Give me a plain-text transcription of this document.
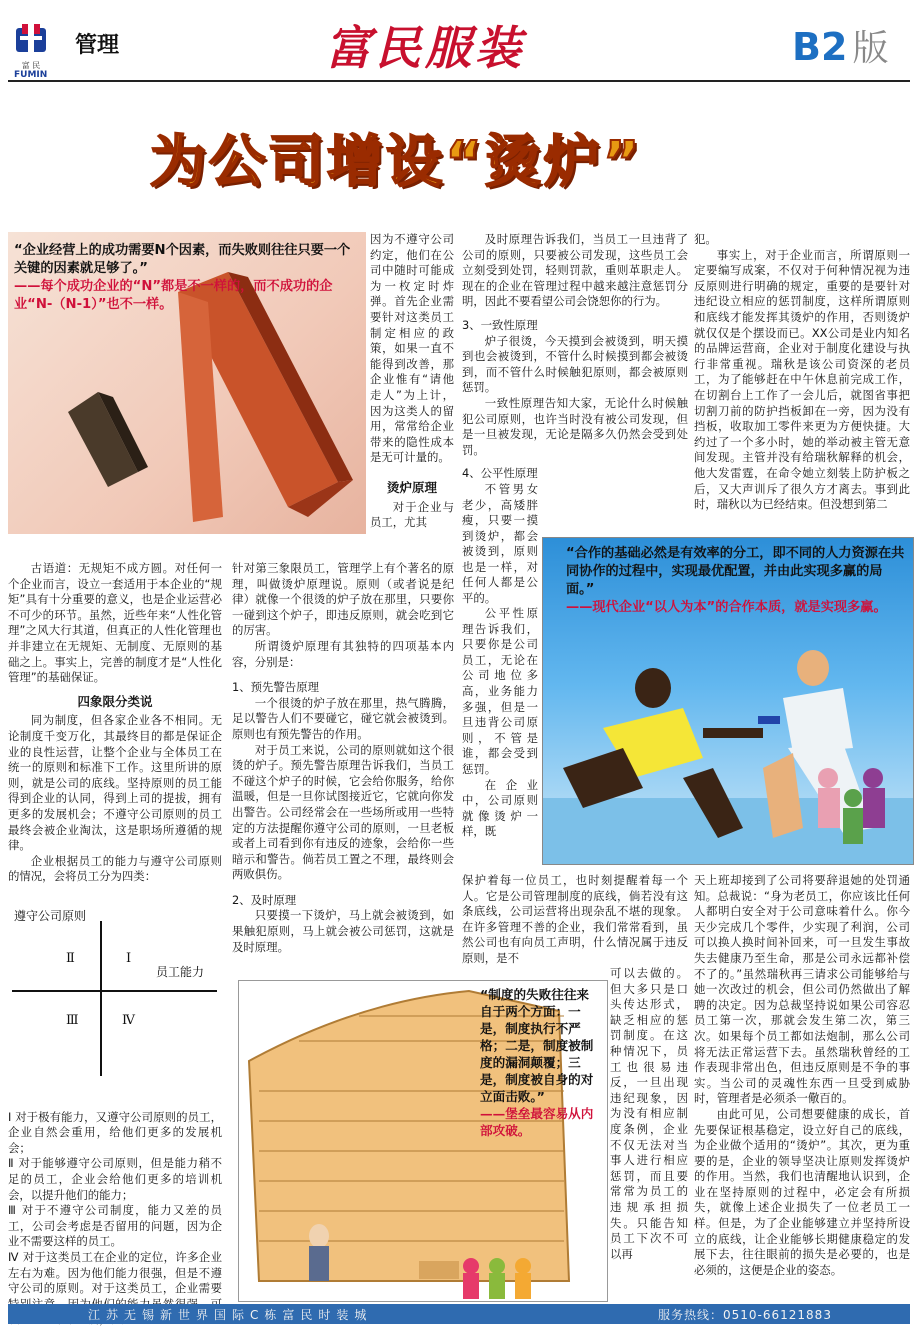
富 民
FUMIN
管理	富民服装	B2 版
为公司增设“烫炉”
“企业经营上的成功需要N个因素，而失败则往往只要一个关键的因素就足够了。”
——每个成功企业的“N”都是不一样的，而不成功的企业“N-（N-1）”也不一样。

因为不遵守公司约定，他们在公司中随时可能成为一枚定时炸弹。首先企业需要针对这类员工制定相应的政策，如果一直不能得到改善，那企业惟有“请他走人”为上计，因为这类人的留用，常常给企业带来的隐性成本是无可计量的。

烫炉原理

对于企业与员工，尤其

及时原理告诉我们，当员工一旦违背了公司的原则，只要被公司发现，这些员工会立刻受到处罚，轻则罚款，重则革职走人。现在的企业在管理过程中越来越注意惩罚分明，因此不要看望公司会饶恕你的行为。

3、一致性原理

炉子很烫，今天摸到会被烫到，明天摸到也会被烫到，不管什么时候摸到都会被烫到，而不管什么时候触犯原则，都会被原则惩罚。

一致性原理告知大家，无论什么时候触犯公司原则，也许当时没有被公司发现，但是一旦被发现，无论是隔多久仍然会受到处罚。

4、公平性原理

不管男女老少，高矮胖瘦，只要一摸到烫炉，都会被烫到，原则也是一样，对任何人都是公平的。

公平性原理告诉我们，只要你是公司员工，无论在公司地位多高，业务能力多强，但是一旦违背公司原则，不管是谁，都会受到惩罚。

在企业中，公司原则就像烫炉一样，既

犯。

事实上，对于企业而言，所谓原则一定要编写成案，不仅对于何种情况视为违反原则进行明确的规定，重要的是要针对违纪设立相应的惩罚制度，这样所谓原则和底线才能发挥其烫炉的作用，否则烫炉就仅仅是个摆设而已。XX公司是业内知名的品牌运营商，企业对于制度化建设与执行非常重视。瑞秋是该公司资深的老员工，为了能够赶在中午休息前完成工作，在切割台上工作了一会儿后，就图省事把切割刀前的防护挡板卸在一旁，因为没有挡板，收取加工零件来更为方便快捷。大约过了一个多小时，她的举动被主管无意间发现。主管并没有给瑞秋解释的机会，他大发雷霆，在命令她立刻装上防护板之后，又大声训斥了很久方才离去。事到此时，瑞秋以为已经结束。但没想到第二

“合作的基础必然是有效率的分工，即不同的人力资源在共同协作的过程中，实现最优配置，并由此实现多赢的局面。”
——现代企业“以人为本”的合作本质，就是实现多赢。

古语道：无规矩不成方圆。对任何一个企业而言，设立一套适用于本企业的“规矩”具有十分重要的意义，也是企业运营必不可少的环节。虽然，近些年来“人性化管理”之风大行其道，但真正的人性化管理也并非建立在无规矩、无制度、无原则的基础之上。事实上，完善的制度才是“人性化管理”的基础保证。

四象限分类说

同为制度，但各家企业各不相同。无论制度千变万化，其最终目的都是保证企业的良性运营，让整个企业与全体员工在统一的原则和标准下工作。这里所讲的原则，就是公司的底线。坚持原则的员工能得到企业的认同，得到上司的提拔，拥有更多的发展机会；不遵守公司原则的员工最终会被企业淘汰，这是职场所遵循的规律。

企业根据员工的能力与遵守公司原则的情况，会将员工分为四类：

遵守公司原则
员工能力
Ⅰ
Ⅱ
Ⅲ	Ⅳ

Ⅰ 对于极有能力，又遵守公司原则的员工，企业自然会重用，给他们更多的发展机会；
Ⅱ 对于能够遵守公司原则，但是能力稍不足的员工，企业会给他们更多的培训机会，以提升他们的能力；
Ⅲ 对于不遵守公司制度，能力又差的员工，公司会考虑是否留用的问题，因为企业不需要这样的员工。
Ⅳ 对于这类员工在企业的定位，许多企业左右为难。因为他们能力很强，但是不遵守公司的原则。对于这类员工，企业需要

针对第三象限员工，管理学上有个著名的原理，叫做烫炉原理说。原则（或者说是纪律）就像一个很烫的炉子放在那里，只要你一碰到这个炉子，即违反原则，就会吃到它的厉害。

所谓烫炉原理有其独特的四项基本内容，分别是：

1、预先警告原理

一个很烫的炉子放在那里，热气腾腾，足以警告人们不要碰它，碰它就会被烫到。原则也有预先警告的作用。

对于员工来说，公司的原则就如这个很烫的炉子。预先警告原理告诉我们，当员工不碰这个炉子的时候，它会给你服务，给你温暖，但是一旦你试图接近它，它就向你发出警告。公司经常会在一些场所或用一些特定的方法提醒你遵守公司的原则，一旦老板或者上司看到你有违反的迹象，会给你一些暗示和警告。倘若员工置之不理，最终则会两败俱伤。

2、及时原理

只要摸一下烫炉，马上就会被烫到，如果触犯原则，马上就会被公司惩罚，这就是及时原理。

保护着每一位员工，也时刻提醒着每一个人。它是公司管理制度的底线，倘若没有这条底线，公司运营将出现杂乱不堪的现象。在许多管理不善的企业，我们常常看到，虽然公司也有向员工声明，什么情况属于违反原则，是不

“制度的失败往往来自于两个方面：一是，制度执行不严格；二是，制度被制度的漏洞颠覆；三是，制度被自身的对立面击败。”
——堡垒最容易从内部攻破。

可以去做的。但大多只是口头传达形式，缺乏相应的惩罚制度。在这种情况下，员工也很易违反，一旦出现违纪现象，因为没有相应制度条例，企业不仅无法对当事人进行相应惩罚，而且要常常为员工的违规承担损失。只能告知员工下次不可以再

天上班却接到了公司将要辞退她的处罚通知。总裁说：“身为老员工，你应该比任何人都明白安全对于公司意味着什么。你今天少完成几个零件，少实现了利润，公司可以换人换时间补回来，可一旦发生事故失去健康乃至生命，那是公司永远都补偿不了的。”虽然瑞秋再三请求公司能够给与她一次改过的机会，但公司仍然做出了解聘的决定。因为总裁坚持说如果公司容忍员工第一次，那就会发生第二次，第三次。如果每个员工都如法炮制，那么公司将无法正常运营下去。虽然瑞秋曾经的工作表现非常出色，但违反原则是不争的事实。当公司的灵魂性东西一旦受到威胁时，管理者是必须杀一儆百的。

由此可见，公司想要健康的成长，首先要保证根基稳定，设立好自己的底线，为企业做个适用的“烫炉”。其次，更为重要的是，企业的领导坚决让原则发挥烫炉的作用。当然，我们也清醒地认识到，企业在坚持原则的过程中，必定会有所损失，就像上述企业损失了一位老员工一样。但是，为了企业能够建立并坚持所设立的底线，让企业能够长期健康稳定的发展下去，往往眼前的损失是必要的，也是必须的，这便是企业的姿态。

江苏无锡新世界国际C栋富民时装城	服务热线：0510-66121883
